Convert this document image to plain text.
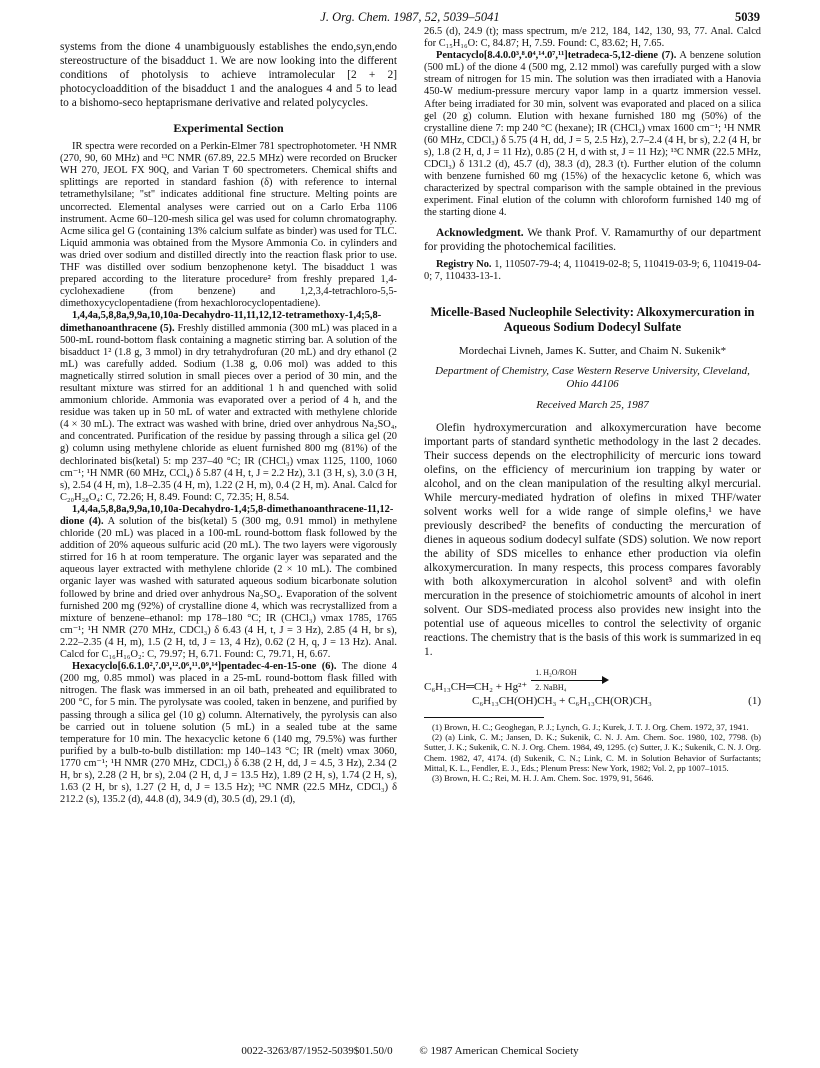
J. Org. Chem. 1987, 52, 5039–5041	5039

systems from the dione 4 unambiguously establishes the endo,syn,endo stereostructure of the bisadduct 1. We are now looking into the different conditions of photolysis to achieve intramolecular [2 + 2] photocycloaddition of the bisadduct 1 and the analogues 4 and 5 to lead to a bishomo-seco heptaprismane derivative and related polycycles.

Experimental Section

IR spectra were recorded on a Perkin-Elmer 781 spectrophotometer. ¹H NMR (270, 90, 60 MHz) and ¹³C NMR (67.89, 22.5 MHz) were recorded on Brucker WH 270, JEOL FX 90Q, and Varian T 60 spectrometers. Chemical shifts and splittings are reported in standard fashion (δ) with reference to internal tetramethylsilane; "st" indicates additional fine structure. Melting points are uncorrected. Elemental analyses were carried out on a Carlo Erba 1106 instrument. Acme 60–120-mesh silica gel was used for column chromatography. Acme silica gel G (containing 13% calcium sulfate as binder) was used for TLC. Liquid ammonia was obtained from the Mysore Ammonia Co. in cylinders and was dried over sodium and distilled directly into the reaction flask prior to use. THF was distilled over sodium benzophenone ketyl. The bisadduct 1 was prepared according to the literature procedure² from freshly prepared 1,4-cyclohexadiene (from benzene) and 1,2,3,4-tetrachloro-5,5-dimethoxycyclopentadiene (from hexachlorocyclopentadiene).

1,4,4a,5,8,8a,9,9a,10,10a-Decahydro-11,11,12,12-tetramethoxy-1,4;5,8-dimethanoanthracene (5). Freshly distilled ammonia (300 mL) was placed in a 500-mL round-bottom flask containing a magnetic stirring bar. A solution of the bisadduct 1² (1.8 g, 3 mmol) in dry tetrahydrofuran (20 mL) and dry ethanol (2 mL) was carefully added. Sodium (1.38 g, 0.06 mol) was added to this magnetically stirred solution in small pieces over a period of 30 min, and the resultant mixture was stirred for an additional 1 h and quenched with solid ammonium chloride. Ammonia was evaporated over a period of 4 h, and the residue was taken up in 50 mL of water and extracted with methylene chloride (4 × 30 mL). The extract was washed with brine, dried over anhydrous Na₂SO₄, and concentrated. Purification of the residue by passing through a silica gel (20 g) column using methylene chloride as eluent furnished 800 mg (81%) of the dechlorinated bis(ketal) 5: mp 237–40 °C; IR (CHCl₃) νmax 1125, 1100, 1060 cm⁻¹; ¹H NMR (60 MHz, CCl₄) δ 5.87 (4 H, t, J = 2.2 Hz), 3.1 (3 H, s), 3.0 (3 H, s), 2.54 (4 H, m), 1.8–2.35 (4 H, m), 1.22 (2 H, m), 0.4 (2 H, m). Anal. Calcd for C₂₀H₂₈O₄: C, 72.26; H, 8.49. Found: C, 72.35; H, 8.54.

1,4,4a,5,8,8a,9,9a,10,10a-Decahydro-1,4;5,8-dimethanoanthracene-11,12-dione (4). A solution of the bis(ketal) 5 (300 mg, 0.91 mmol) in methylene chloride (20 mL) was placed in a 100-mL round-bottom flask followed by the addition of 20% aqueous sulfuric acid (20 mL). The two layers were vigorously stirred for 16 h at room temperature. The organic layer was separated and the aqueous layer extracted with methylene chloride (2 × 10 mL). The combined organic layer was washed with saturated aqueous sodium bicarbonate solution followed by brine and dried over anhydrous Na₂SO₄. Evaporation of the solvent furnished 200 mg (92%) of crystalline dione 4, which was recrystallized from a mixture of benzene–ethanol: mp 178–180 °C; IR (CHCl₃) νmax 1785, 1765 cm⁻¹; ¹H NMR (270 MHz, CDCl₃) δ 6.43 (4 H, t, J = 3 Hz), 2.85 (4 H, br s), 2.22–2.35 (4 H, m), 1.5 (2 H, td, J = 13, 4 Hz), 0.62 (2 H, q, J = 13 Hz). Anal. Calcd for C₁₆H₁₆O₂: C, 79.97; H, 6.71. Found: C, 79.71, H, 6.67.

Hexacyclo[6.6.1.0²,⁷.0³,¹².0⁶,¹¹.0⁹,¹⁴]pentadec-4-en-15-one (6). The dione 4 (200 mg, 0.85 mmol) was placed in a 25-mL round-bottom flask filled with nitrogen. The flask was immersed in an oil bath, preheated and equilibrated to 200 °C, for 5 min. The pyrolysate was cooled, taken in benzene, and purified by passing through a silica gel (10 g) column. Alternatively, the pyrolysis can also be carried out in toluene solution (5 mL) in a sealed tube at the same temperature for 10 min. The hexacyclic ketone 6 (140 mg, 79.5%) was further purified by a bulb-to-bulb distillation: mp 140–143 °C; IR (melt) νmax 3060, 1770 cm⁻¹; ¹H NMR (270 MHz, CDCl₃) δ 6.38 (2 H, dd, J = 4.5, 3 Hz), 2.34 (2 H, br s), 2.28 (2 H, br s), 2.04 (2 H, d, J = 13.5 Hz), 1.89 (2 H, s), 1.74 (2 H, s), 1.63 (2 H, br s), 1.27 (2 H, d, J = 13.5 Hz); ¹³C NMR (22.5 MHz, CDCl₃) δ 212.2 (s), 135.2 (d), 44.8 (d), 34.9 (d), 30.5 (d), 29.1 (d),

26.5 (d), 24.9 (t); mass spectrum, m/e 212, 184, 142, 130, 93, 77. Anal. Calcd for C₁₅H₁₆O: C, 84.87; H, 7.59. Found: C, 83.62; H, 7.65.

Pentacyclo[8.4.0.0³,⁸.0⁴,¹⁴.0⁷,¹¹]tetradeca-5,12-diene (7). A benzene solution (500 mL) of the dione 4 (500 mg, 2.12 mmol) was carefully purged with a slow stream of nitrogen for 15 min. The solution was then irradiated with a Hanovia 450-W medium-pressure mercury vapor lamp in a quartz immersion vessel. After being irradiated for 30 min, solvent was evaporated and placed on a silica gel (20 g) column. Elution with hexane furnished 180 mg (50%) of the crystalline diene 7: mp 240 °C (hexane); IR (CHCl₃) νmax 1600 cm⁻¹; ¹H NMR (60 MHz, CDCl₃) δ 5.75 (4 H, dd, J = 5, 2.5 Hz), 2.7–2.4 (4 H, br s), 2.2 (4 H, br s), 1.8 (2 H, d, J = 11 Hz), 0.85 (2 H, d with st, J = 11 Hz); ¹³C NMR (22.5 MHz, CDCl₃) δ 131.2 (d), 45.7 (d), 38.3 (d), 28.3 (t). Further elution of the column with benzene furnished 60 mg (15%) of the hexacyclic ketone 6, which was characterized by spectral comparison with the sample obtained in the previous experiment. Final elution of the column with chloroform furnished 140 mg of the starting dione 4.

Acknowledgment. We thank Prof. V. Ramamurthy of our department for providing the photochemical facilities.

Registry No. 1, 110507-79-4; 4, 110419-02-8; 5, 110419-03-9; 6, 110419-04-0; 7, 110433-13-1.

Micelle-Based Nucleophile Selectivity: Alkoxymercuration in Aqueous Sodium Dodecyl Sulfate
Mordechai Livneh, James K. Sutter, and Chaim N. Sukenik*
Department of Chemistry, Case Western Reserve University, Cleveland, Ohio 44106
Received March 25, 1987

Olefin hydroxymercuration and alkoxymercuration have become important parts of standard synthetic methodology in the last 2 decades. Their success depends on the electrophilicity of mercuric ions toward olefins, on the efficiency of mercurinium ion trapping by water or alcohol, and on the clean manipulation of the resulting alkyl mercurial. While mercury-mediated hydration of olefins in mixed THF/water solvent works well for a wide range of simple olefins,¹ we have previously described² the benefits of conducting the mercuration of dienes in aqueous sodium dodecyl sulfate (SDS) solution. We now report the ability of SDS micelles to enhance ether production via olefin alkoxymercuration. In many respects, this process compares favorably with both alkoxymercuration in alcohol solvent³ and with olefin mercuration in the presence of stoichiometric amounts of alcohol in inert solvent. Our SDS-mediated process also provides new insight into the potential use of aqueous micelles to control the selectivity of organic reactions. The chemistry that is the basis of this work is summarized in eq 1.

C₆H₁₃CH═CH₂ + Hg²⁺
1. H₂O/ROH
2. NaBH₄
C₆H₁₃CH(OH)CH₃ + C₆H₁₃CH(OR)CH₃	(1)
(1) Brown, H. C.; Geoghegan, P. J.; Lynch, G. J.; Kurek, J. T. J. Org. Chem. 1972, 37, 1941.
(2) (a) Link, C. M.; Jansen, D. K.; Sukenik, C. N. J. Am. Chem. Soc. 1980, 102, 7798. (b) Sutter, J. K.; Sukenik, C. N. J. Org. Chem. 1984, 49, 1295. (c) Sutter, J. K.; Sukenik, C. N. J. Org. Chem. 1982, 47, 4174. (d) Sukenik, C. N.; Link, C. M. in Solution Behavior of Surfactants; Mittal, K. L., Fendler, E. J., Eds.; Plenum Press: New York, 1982; Vol. 2, pp 1007–1015.
(3) Brown, H. C.; Rei, M. H. J. Am. Chem. Soc. 1979, 91, 5646.
0022-3263/87/1952-5039$01.50/0 © 1987 American Chemical Society
